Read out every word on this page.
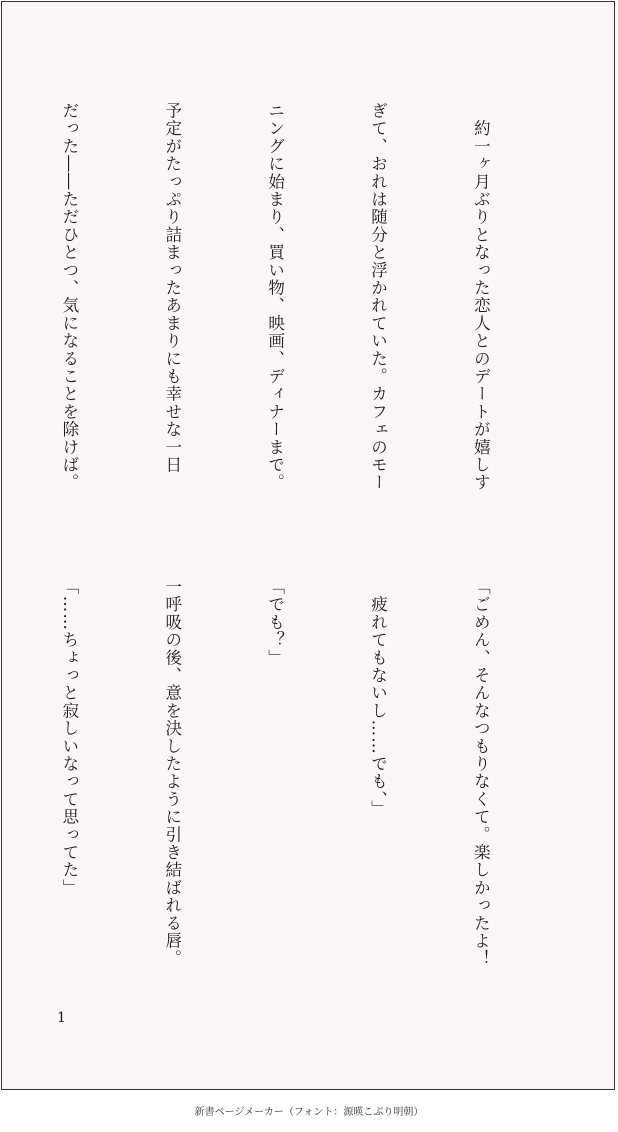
　約一ヶ月ぶりとなった恋人とのデートが嬉しす

ぎて、おれは随分と浮かれていた。カフェのモー

ニングに始まり、買い物、映画、ディナーまで。

予定がたっぷり詰まったあまりにも幸せな一日

だった――ただひとつ、気になることを除けば。

「ごめん、そんなつもりなくて。楽しかったよ！

　疲れてもないし……でも、」

「でも？」

一呼吸の後、意を決したように引き結ばれる唇。

「……ちょっと寂しいなって思ってた」

1
新書ページメーカー（フォント：源暎こぶり明朝）
